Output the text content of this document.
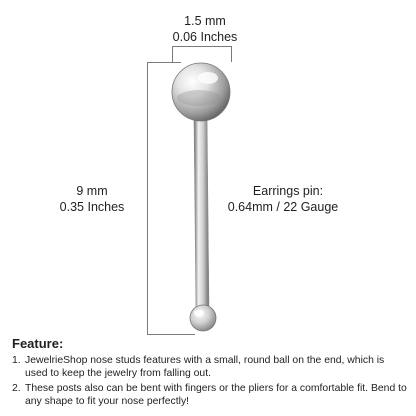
1.5 mm
0.06 Inches
9 mm
0.35 Inches
Earrings pin:
0.64mm / 22 Gauge
Feature:
1. JewelrieShop nose studs features with a small, round ball on the end, which is used to keep the jewelry from falling out.
2. These posts also can be bent with fingers or the pliers for a comfortable fit. Bend to any shape to fit your nose perfectly!
